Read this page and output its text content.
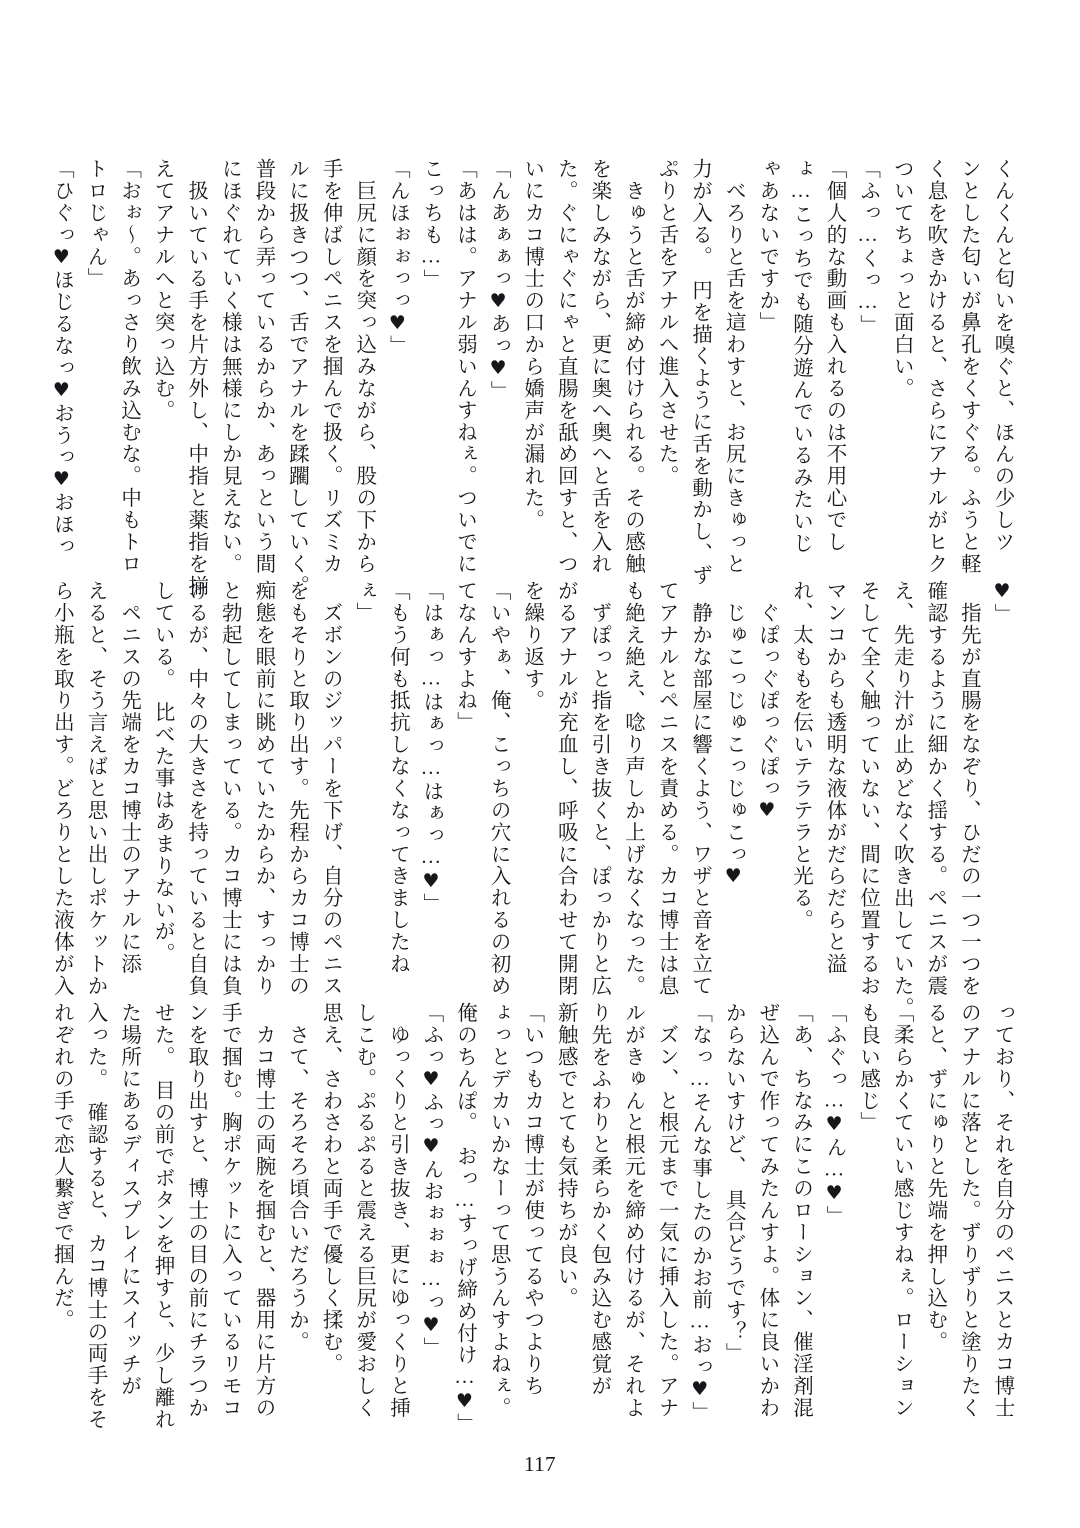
くんくんと匂いを嗅ぐと、ほんの少しツ
ンとした匂いが鼻孔をくすぐる。ふうと軽
く息を吹きかけると、さらにアナルがヒク
ついてちょっと面白い。
「ふっ…くっ…」
「個人的な動画も入れるのは不用心でし
ょ…こっちでも随分遊んでいるみたいじ
ゃあないですか」
　べろりと舌を這わすと、お尻にきゅっと
力が入る。　円を描くように舌を動かし、ず
ぷりと舌をアナルへ進入させた。
　きゅうと舌が締め付けられる。その感触
を楽しみながら、更に奥へ奥へと舌を入れ
た。ぐにゃぐにゃと直腸を舐め回すと、つ
いにカコ博士の口から嬌声が漏れた。
「んあぁぁっ♥あっ♥」
「あはは。アナル弱いんすねぇ。ついでに
こっちも…」
「んほぉぉっっ♥」
　巨尻に顔を突っ込みながら、股の下から
手を伸ばしペニスを掴んで扱く。リズミカ
ルに扱きつつ、舌でアナルを蹂躙していく。
普段から弄っているからか、あっという間
にほぐれていく様は無様にしか見えない。
　扱いている手を片方外し、中指と薬指を揃
えてアナルへと突っ込む。
「おぉ～。あっさり飲み込むな。中もトロ
トロじゃん」
「ひぐっ♥ほじるなっ♥おうっ♥おほっ
♥」
　指先が直腸をなぞり、ひだの一つ一つを
確認するように細かく揺する。ペニスが震
え、先走り汁が止めどなく吹き出していた。
そして全く触っていない、間に位置するお
マンコからも透明な液体がだらだらと溢
れ、太ももを伝いテラテラと光る。
　ぐぽっぐぽっぐぽっ♥
　じゅこっじゅこっじゅこっ♥
　静かな部屋に響くよう、ワザと音を立て
てアナルとペニスを責める。カコ博士は息
も絶え絶え、唸り声しか上げなくなった。
　ずぽっと指を引き抜くと、ぽっかりと広
がるアナルが充血し、呼吸に合わせて開閉
を繰り返す。
「いやぁ、俺、こっちの穴に入れるの初め
てなんすよね」
「はぁっ…はぁっ…はぁっ…♥」
「もう何も抵抗しなくなってきましたね
ぇ」
　ズボンのジッパーを下げ、自分のペニス
をもそりと取り出す。先程からカコ博士の
痴態を眼前に眺めていたからか、すっかり
と勃起してしまっている。カコ博士には負
けるが、中々の大きさを持っていると自負
している。　比べた事はあまりないが。
　ペニスの先端をカコ博士のアナルに添
えると、そう言えばと思い出しポケットか
ら小瓶を取り出す。どろりとした液体が入
っており、それを自分のペニスとカコ博士
のアナルに落とした。ずりずりと塗りたく
ると、ずにゅりと先端を押し込む。
「柔らかくていい感じすねぇ。ローション
も良い感じ」
「ふぐっ…♥ん…♥」
「あ、ちなみにこのローション、催淫剤混
ぜ込んで作ってみたんすよ。体に良いかわ
からないすけど、　具合どうです？」
「なっ…そんな事したのかお前…おっ♥」
　ズン、と根元まで一気に挿入した。アナ
ルがきゅんと根元を締め付けるが、それよ
り先をふわりと柔らかく包み込む感覚が
新触感でとても気持ちが良い。
「いつもカコ博士が使ってるやつよりち
ょっとデカいかなーって思うんすよねぇ。
俺のちんぽ。　おっ…すっげ締め付け…♥」
「ふっ♥ふっ♥んおぉぉぉ…っ♥」
　ゆっくりと引き抜き、更にゆっくりと挿
しこむ。ぷるぷると震える巨尻が愛おしく
思え、さわさわと両手で優しく揉む。
　さて、そろそろ頃合いだろうか。
　カコ博士の両腕を掴むと、器用に片方の
手で掴む。胸ポケットに入っているリモコ
ンを取り出すと、博士の目の前にチラつか
せた。　目の前でボタンを押すと、少し離れ
た場所にあるディスプレイにスイッチが
入った。　確認すると、カコ博士の両手をそ
れぞれの手で恋人繋ぎで掴んだ。
117
